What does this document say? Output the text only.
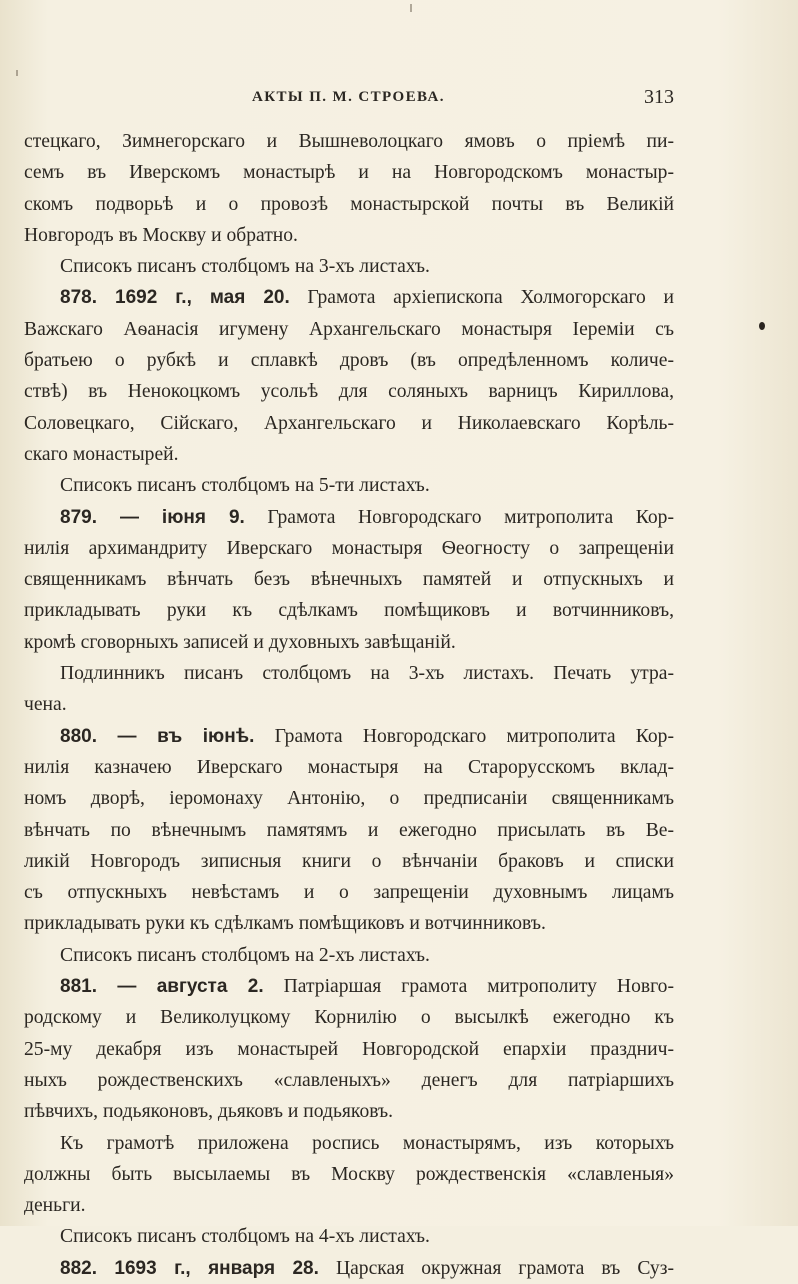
АКТЫ П. М. СТРОЕВА.	313
стецкаго, Зимнегорскаго и Вышневолоцкаго ямовъ о пріемѣ пи-
семъ въ Иверскомъ монастырѣ и на Новгородскомъ монастыр-
скомъ подворьѣ и о провозѣ монастырской почты въ Великій
Новгородъ въ Москву и обратно.
Списокъ писанъ столбцомъ на 3-хъ листахъ.
878. 1692 г., мая 20. Грамота архіепископа Холмогорскаго и
Важскаго Аѳанасія игумену Архангельскаго монастыря Іереміи съ
братьею о рубкѣ и сплавкѣ дровъ (въ опредѣленномъ количе-
ствѣ) въ Ненокоцкомъ усольѣ для соляныхъ варницъ Кириллова,
Соловецкаго, Сійскаго, Архангельскаго и Николаевскаго Корѣль-
скаго монастырей.
Списокъ писанъ столбцомъ на 5-ти листахъ.
879. — іюня 9. Грамота Новгородскаго митрополита Кор-
нилія архимандриту Иверскаго монастыря Ѳеогносту о запрещеніи
священникамъ вѣнчать безъ вѣнечныхъ памятей и отпускныхъ и
прикладывать руки къ сдѣлкамъ помѣщиковъ и вотчинниковъ,
кромѣ сговорныхъ записей и духовныхъ завѣщаній.
Подлинникъ писанъ столбцомъ на 3-хъ листахъ. Печать утра-
чена.
880. — въ іюнѣ. Грамота Новгородскаго митрополита Кор-
нилія казначею Иверскаго монастыря на Старорусскомъ вклад-
номъ дворѣ, іеромонаху Антонію, о предписаніи священникамъ
вѣнчать по вѣнечнымъ памятямъ и ежегодно присылать въ Ве-
ликій Новгородъ зиписныя книги о вѣнчаніи браковъ и списки
съ отпускныхъ невѣстамъ и о запрещеніи духовнымъ лицамъ
прикладывать руки къ сдѣлкамъ помѣщиковъ и вотчинниковъ.
Списокъ писанъ столбцомъ на 2-хъ листахъ.
881. — августа 2. Патріаршая грамота митрополиту Новго-
родскому и Великолуцкому Корнилію о высылкѣ ежегодно къ
25-му декабря изъ монастырей Новгородской епархіи празднич-
ныхъ рождественскихъ «славленыхъ» денегъ для патріаршихъ
пѣвчихъ, подьяконовъ, дьяковъ и подьяковъ.
Къ грамотѣ приложена роспись монастырямъ, изъ которыхъ
должны быть высылаемы въ Москву рождественскія «славленыя»
деньги.
Списокъ писанъ столбцомъ на 4-хъ листахъ.
882. 1693 г., января 28. Царская окружная грамота въ Суз-
